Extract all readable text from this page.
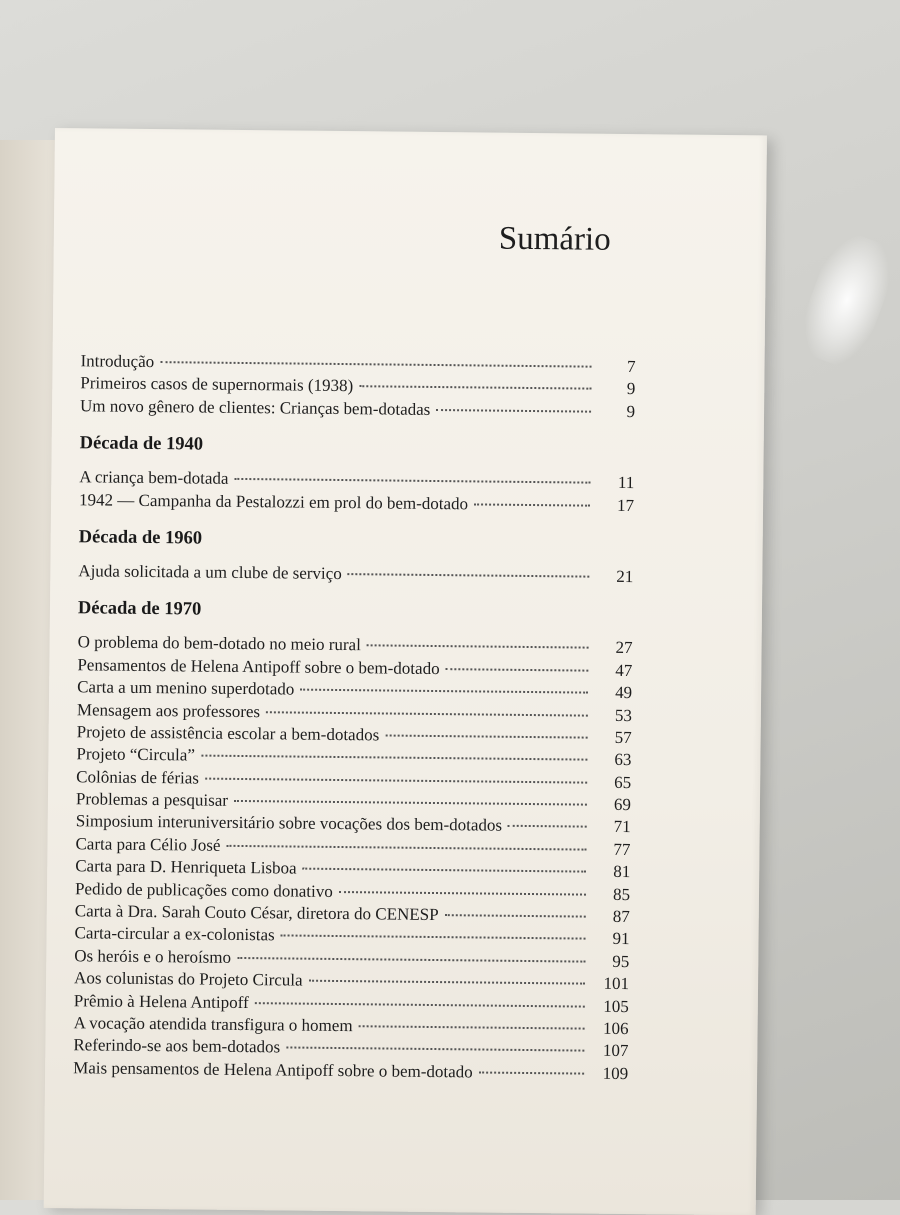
Sumário
Introdução	7
Primeiros casos de supernormais (1938)	9
Um novo gênero de clientes: Crianças bem-dotadas	9
Década de 1940
A criança bem-dotada	11
1942 — Campanha da Pestalozzi em prol do bem-dotado	17
Década de 1960
Ajuda solicitada a um clube de serviço	21
Década de 1970
O problema do bem-dotado no meio rural	27
Pensamentos de Helena Antipoff sobre o bem-dotado	47
Carta a um menino superdotado	49
Mensagem aos professores	53
Projeto de assistência escolar a bem-dotados	57
Projeto “Circula”	63
Colônias de férias	65
Problemas a pesquisar	69
Simposium interuniversitário sobre vocações dos bem-dotados	71
Carta para Célio José	77
Carta para D. Henriqueta Lisboa	81
Pedido de publicações como donativo	85
Carta à Dra. Sarah Couto César, diretora do CENESP	87
Carta-circular a ex-colonistas	91
Os heróis e o heroísmo	95
Aos colunistas do Projeto Circula	101
Prêmio à Helena Antipoff	105
A vocação atendida transfigura o homem	106
Referindo-se aos bem-dotados	107
Mais pensamentos de Helena Antipoff sobre o bem-dotado	109
